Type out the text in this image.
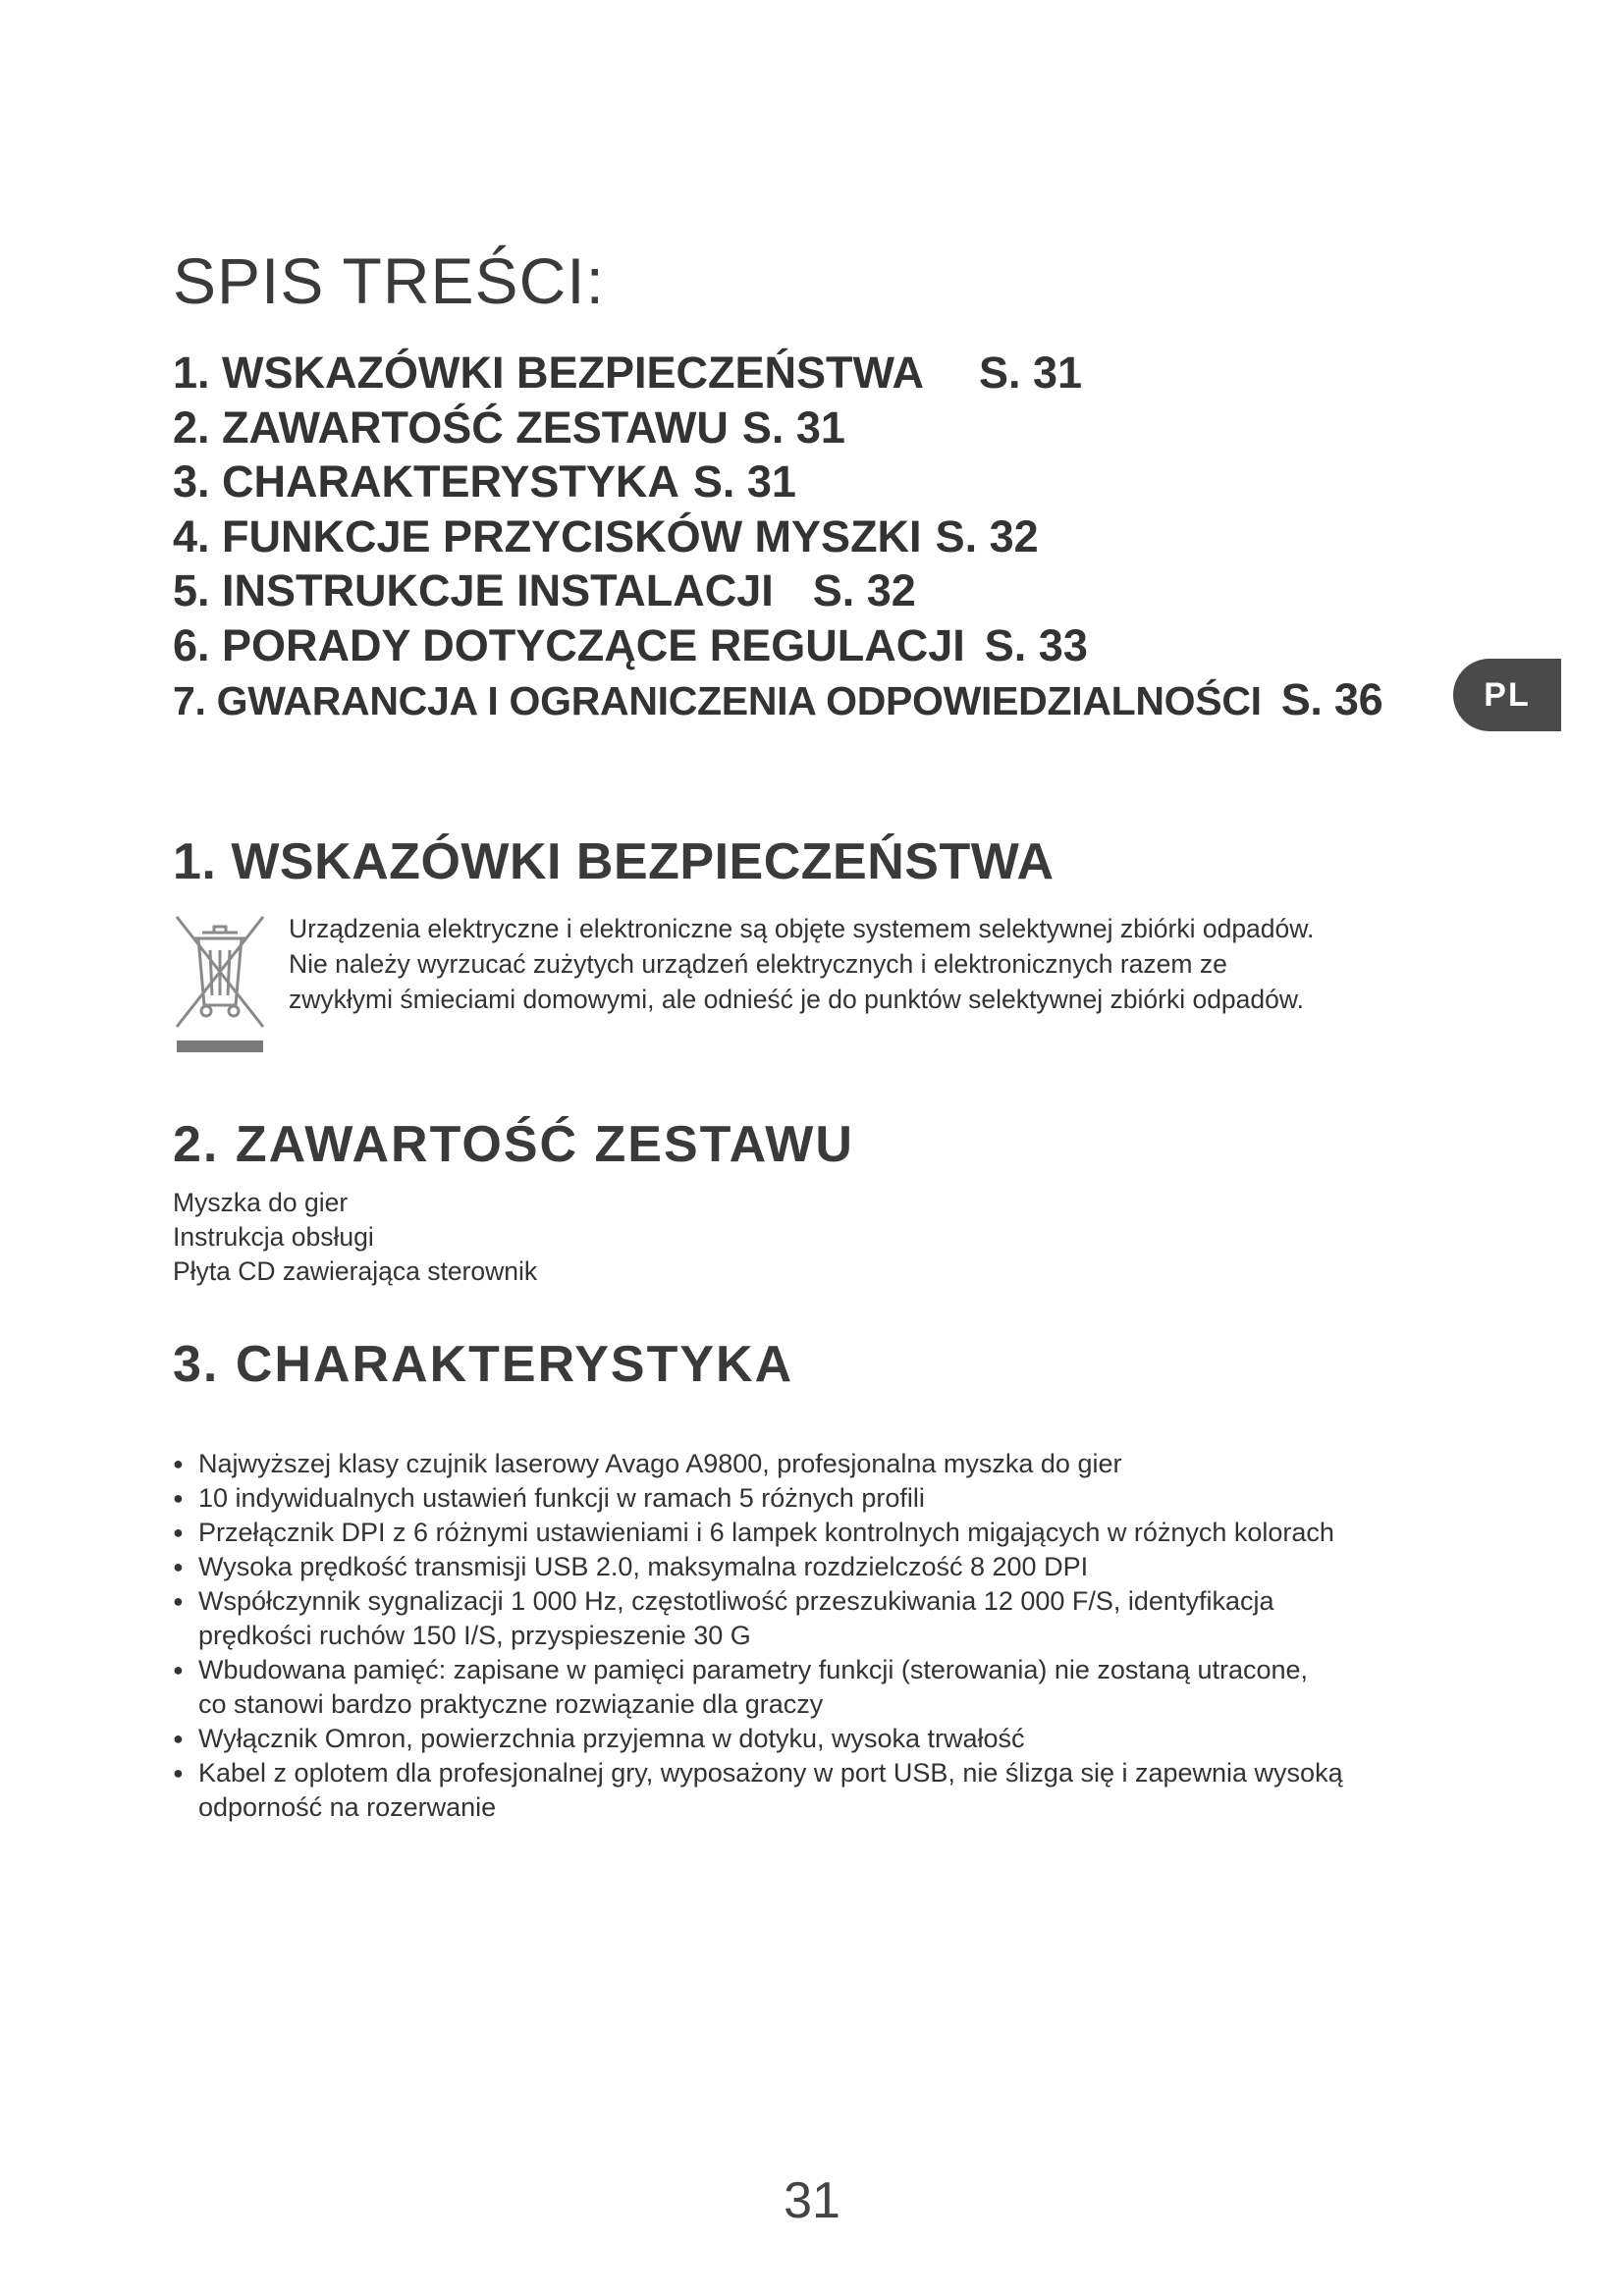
SPIS TREŚCI:
1. WSKAZÓWKI BEZPIECZEŃSTWA S. 31
2. ZAWARTOŚĆ ZESTAWU S. 31
3. CHARAKTERYSTYKA S. 31
4. FUNKCJE PRZYCISKÓW MYSZKI S. 32
5. INSTRUKCJE INSTALACJI S. 32
6. PORADY DOTYCZĄCE REGULACJI S. 33
7. GWARANCJA I OGRANICZENIA ODPOWIEDZIALNOŚCI S. 36	PL
1. WSKAZÓWKI BEZPIECZEŃSTWA

Urządzenia elektryczne i elektroniczne są objęte systemem selektywnej zbiórki odpadów.
Nie należy wyrzucać zużytych urządzeń elektrycznych i elektronicznych razem ze
zwykłymi śmieciami domowymi, ale odnieść je do punktów selektywnej zbiórki odpadów.

2. ZAWARTOŚĆ ZESTAWU
Myszka do gier
Instrukcja obsługi
Płyta CD zawierająca sterownik
3. CHARAKTERYSTYKA
● Najwyższej klasy czujnik laserowy Avago A9800, profesjonalna myszka do gier
● 10 indywidualnych ustawień funkcji w ramach 5 różnych profili
● Przełącznik DPI z 6 różnymi ustawieniami i 6 lampek kontrolnych migających w różnych kolorach
● Wysoka prędkość transmisji USB 2.0, maksymalna rozdzielczość 8 200 DPI
● Współczynnik sygnalizacji 1 000 Hz, częstotliwość przeszukiwania 12 000 F/S, identyfikacja
prędkości ruchów 150 I/S, przyspieszenie 30 G
● Wbudowana pamięć: zapisane w pamięci parametry funkcji (sterowania) nie zostaną utracone,
co stanowi bardzo praktyczne rozwiązanie dla graczy
● Wyłącznik Omron, powierzchnia przyjemna w dotyku, wysoka trwałość
● Kabel z oplotem dla profesjonalnej gry, wyposażony w port USB, nie ślizga się i zapewnia wysoką
odporność na rozerwanie
31
